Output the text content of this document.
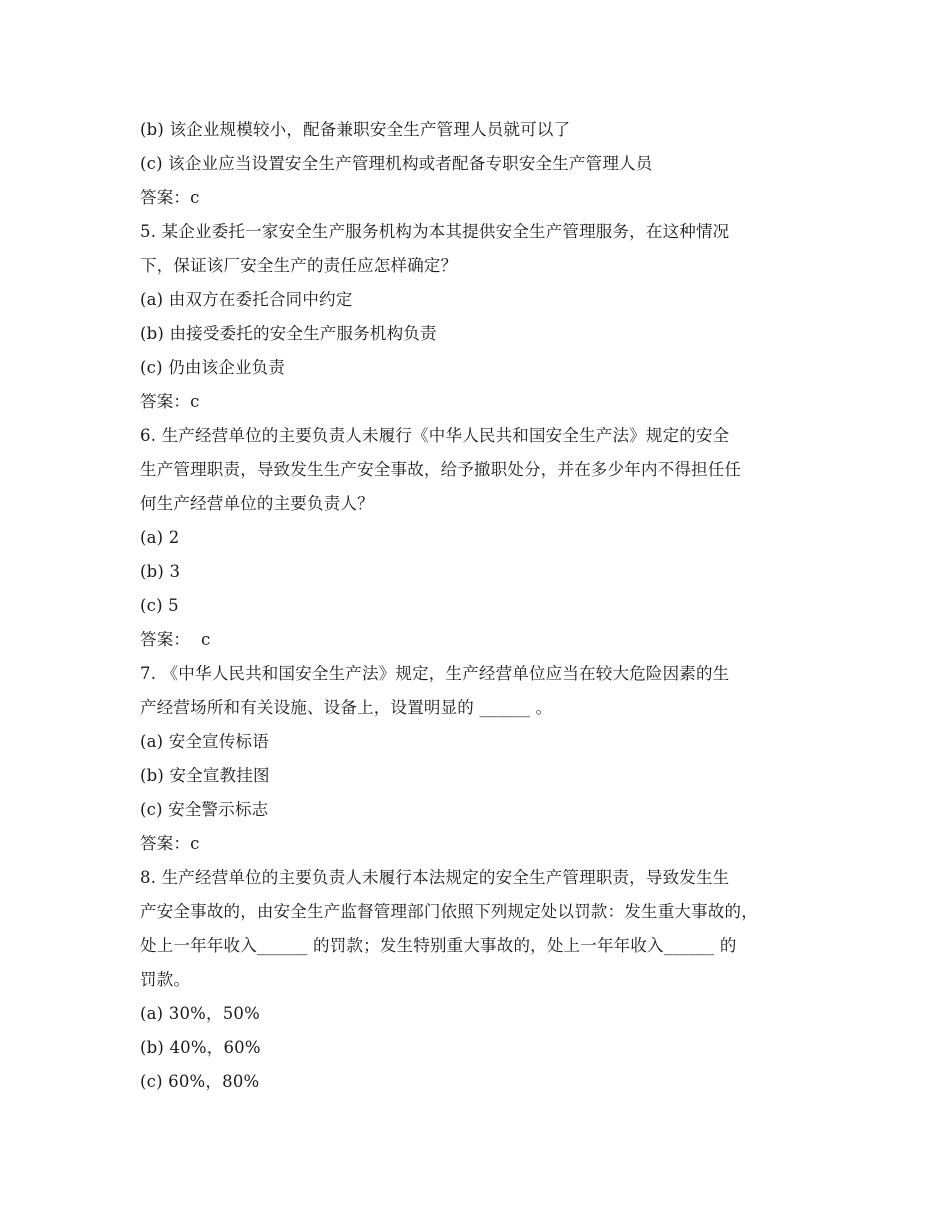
(b) 该企业规模较小，配备兼职安全生产管理人员就可以了
(c) 该企业应当设置安全生产管理机构或者配备专职安全生产管理人员
答案：c
5. 某企业委托一家安全生产服务机构为本其提供安全生产管理服务，在这种情况
下，保证该厂安全生产的责任应怎样确定？
(a) 由双方在委托合同中约定
(b) 由接受委托的安全生产服务机构负责
(c) 仍由该企业负责
答案：c
6. 生产经营单位的主要负责人未履行《中华人民共和国安全生产法》规定的安全
生产管理职责，导致发生生产安全事故，给予撤职处分，并在多少年内不得担任任
何生产经营单位的主要负责人？
(a) 2
(b) 3
(c) 5
答案：  c
7. 《中华人民共和国安全生产法》规定，生产经营单位应当在较大危险因素的生
产经营场所和有关设施、设备上，设置明显的 ______ 。
(a) 安全宣传标语
(b) 安全宣教挂图
(c) 安全警示标志
答案：c
8. 生产经营单位的主要负责人未履行本法规定的安全生产管理职责，导致发生生
产安全事故的，由安全生产监督管理部门依照下列规定处以罚款：发生重大事故的，
处上一年年收入______ 的罚款；发生特别重大事故的，处上一年年收入______ 的
罚款。
(a) 30%，50%
(b) 40%，60%
(c) 60%，80%
